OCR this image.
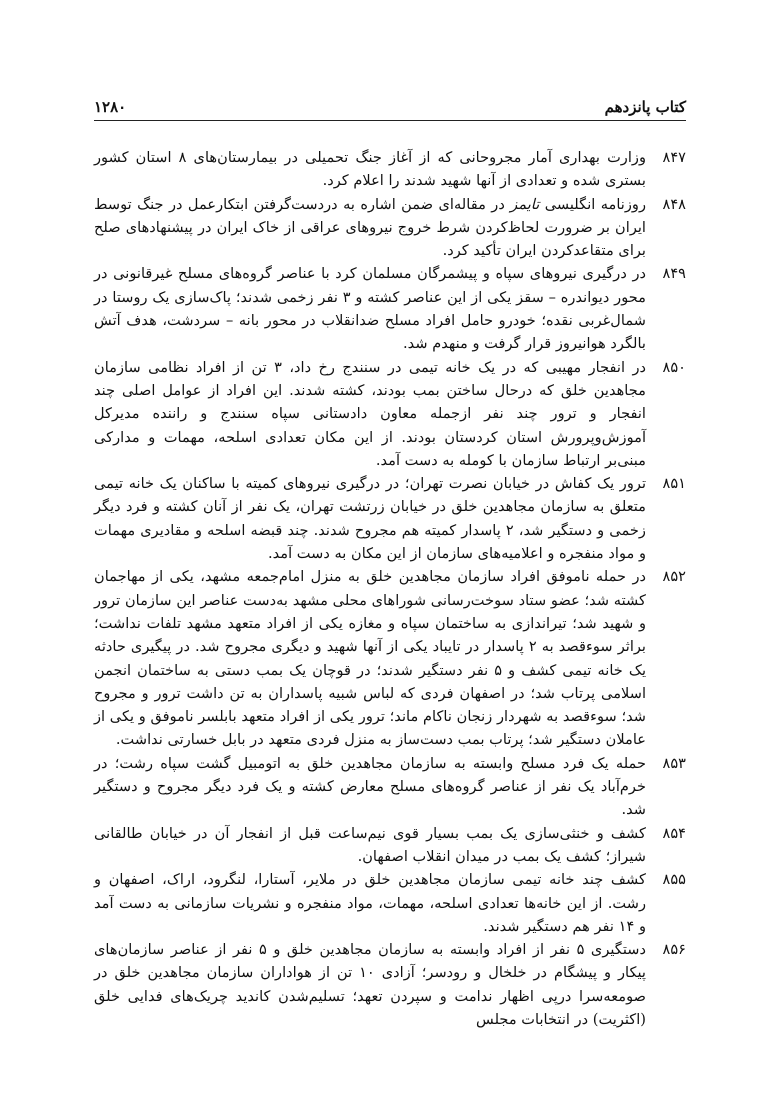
کتاب پانزدهم
۱۲۸۰
۸۴۷
وزارت بهداری آمار مجروحانی که از آغاز جنگ تحمیلی در بیمارستان‌های ۸ استان کشور بستری شده و تعدادی از آنها شهید شدند را اعلام کرد.
۸۴۸
روزنامه انگلیسی تایمز در مقاله‌ای ضمن اشاره به دردست‌گرفتن ابتکارعمل در جنگ توسط ایران بر ضرورت لحاظ‌کردن شرط خروج نیروهای عراقی از خاک ایران در پیشنهادهای صلح برای متقاعدکردن ایران تأکید کرد.
۸۴۹
در درگیری نیروهای سپاه و پیشمرگان مسلمان کرد با عناصر گروه‌های مسلح غیرقانونی در محور دیواندره – سقز یکی از این عناصر کشته و ۳ نفر زخمی شدند؛ پاک‌سازی یک روستا در شمال‌غربی نقده؛ خودرو حامل افراد مسلح ضدانقلاب در محور بانه – سردشت، هدف آتش بالگرد هوانیروز قرار گرفت و منهدم شد.
۸۵۰
در انفجار مهیبی که در یک خانه تیمی در سنندج رخ داد، ۳ تن از افراد نظامی سازمان مجاهدین خلق که درحال ساختن بمب بودند، کشته شدند. این افراد از عوامل اصلی چند انفجار و ترور چند نفر ازجمله معاون دادستانی سپاه سنندج و راننده مدیرکل آموزش‌وپرورش استان کردستان بودند. از این مکان تعدادی اسلحه، مهمات و مدارکی مبنی‌بر ارتباط سازمان با کومله به دست آمد.
۸۵۱
ترور یک کفاش در خیابان نصرت تهران؛ در درگیری نیروهای کمیته با ساکنان یک خانه تیمی متعلق به سازمان مجاهدین خلق در خیابان زرتشت تهران، یک نفر از آنان کشته و فرد دیگر زخمی و دستگیر شد، ۲ پاسدار کمیته هم مجروح شدند. چند قبضه اسلحه و مقادیری مهمات و مواد منفجره و اعلامیه‌های سازمان از این مکان به دست آمد.
۸۵۲
در حمله ناموفق افراد سازمان مجاهدین خلق به منزل امام‌جمعه مشهد، یکی از مهاجمان کشته شد؛ عضو ستاد سوخت‌رسانی شوراهای محلی مشهد به‌دست عناصر این سازمان ترور و شهید شد؛ تیراندازی به ساختمان سپاه و مغازه یکی از افراد متعهد مشهد تلفات نداشت؛ براثر سوءقصد به ۲ پاسدار در تایباد یکی از آنها شهید و دیگری مجروح شد. در پیگیری حادثه یک خانه تیمی کشف و ۵ نفر دستگیر شدند؛ در قوچان یک بمب دستی به ساختمان انجمن اسلامی پرتاب شد؛ در اصفهان فردی که لباس شبیه پاسداران به تن داشت ترور و مجروح شد؛ سوءقصد به شهردار زنجان ناکام ماند؛ ترور یکی از افراد متعهد بابلسر ناموفق و یکی از عاملان دستگیر شد؛ پرتاب بمب دست‌ساز به منزل فردی متعهد در بابل خسارتی نداشت.
۸۵۳
حمله یک فرد مسلح وابسته به سازمان مجاهدین خلق به اتومبیل گشت سپاه رشت؛ در خرم‌آباد یک نفر از عناصر گروه‌های مسلح معارض کشته و یک فرد دیگر مجروح و دستگیر شد.
۸۵۴
کشف و خنثی‌سازی یک بمب بسیار قوی نیم‌ساعت قبل از انفجار آن در خیابان طالقانی شیراز؛ کشف یک بمب در میدان انقلاب اصفهان.
۸۵۵
کشف چند خانه تیمی سازمان مجاهدین خلق در ملایر، آستارا، لنگرود، اراک، اصفهان و رشت. از این خانه‌ها تعدادی اسلحه، مهمات، مواد منفجره و نشریات سازمانی به دست آمد و ۱۴ نفر هم دستگیر شدند.
۸۵۶
دستگیری ۵ نفر از افراد وابسته به سازمان مجاهدین خلق و ۵ نفر از عناصر سازمان‌های پیکار و پیشگام در خلخال و رودسر؛ آزادی ۱۰ تن از هواداران سازمان مجاهدین خلق در صومعه‌سرا درپی اظهار ندامت و سپردن تعهد؛ تسلیم‌شدن کاندید چریک‌های فدایی خلق (اکثریت) در انتخابات مجلس
